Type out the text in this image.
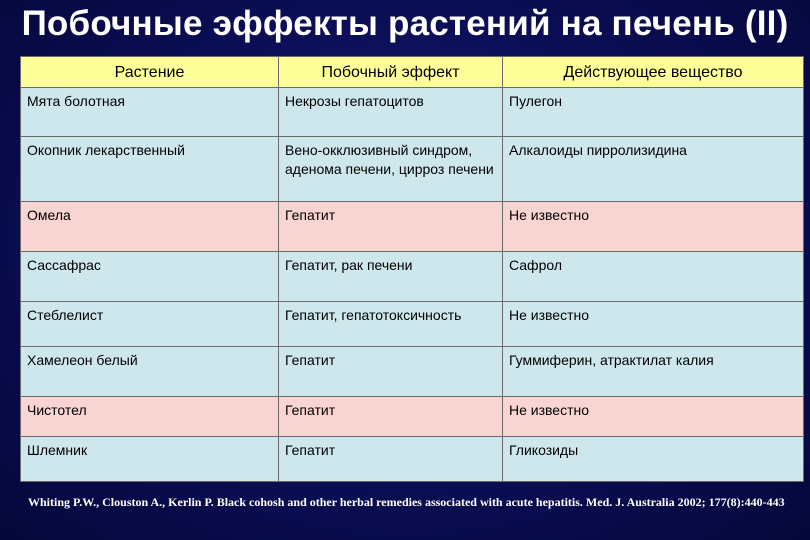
Побочные эффекты растений на печень (II)
Растение	Побочный эффект	Действующее вещество
Мята болотная	Некрозы гепатоцитов	Пулегон
Окопник лекарственный	Вено-окклюзивный синдром, аденома печени, цирроз печени	Алкалоиды пирролизидина
Омела	Гепатит	Не известно
Сассафрас	Гепатит, рак печени	Сафрол
Стеблелист	Гепатит, гепатотоксичность	Не известно
Хамелеон белый	Гепатит	Гуммиферин, атрактилат калия
Чистотел	Гепатит	Не известно
Шлемник	Гепатит	Гликозиды
Whiting P.W., Clouston A., Kerlin P. Black cohosh and other herbal remedies associated with acute hepatitis. Med. J. Australia 2002; 177(8):440-443
